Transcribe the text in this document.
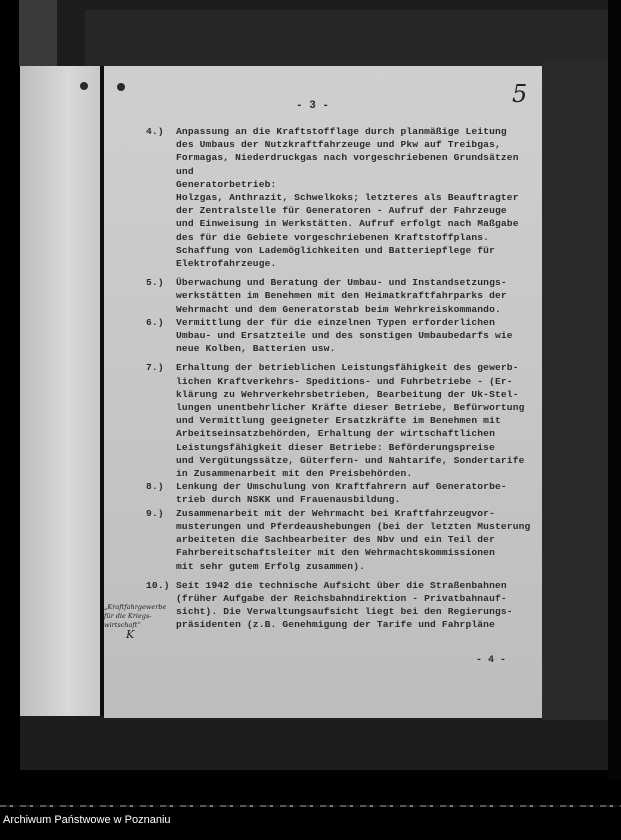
5
- 3 -
4.) Anpassung an die Kraftstofflage durch planmäßige Leitung
des Umbaus der Nutzkraftfahrzeuge und Pkw auf Treibgas,
Formagas, Niederdruckgas nach vorgeschriebenen Grundsätzen
und
Generatorbetrieb:
Holzgas, Anthrazit, Schwelkoks; letzteres als Beauftragter
der Zentralstelle für Generatoren - Aufruf der Fahrzeuge
und Einweisung in Werkstätten. Aufruf erfolgt nach Maßgabe
des für die Gebiete vorgeschriebenen Kraftstoffplans.
Schaffung von Lademöglichkeiten und Batteriepflege für
Elektrofahrzeuge.
5.) Überwachung und Beratung der Umbau- und Instandsetzungs-
werkstätten im Benehmen mit den Heimatkraftfahrparks der
Wehrmacht und dem Generatorstab beim Wehrkreiskommando.
6.) Vermittlung der für die einzelnen Typen erforderlichen
Umbau- und Ersatzteile und des sonstigen Umbaubedarfs wie
neue Kolben, Batterien usw.
7.) Erhaltung der betrieblichen Leistungsfähigkeit des gewerb-
lichen Kraftverkehrs- Speditions- und Fuhrbetriebe - (Er-
klärung zu Wehrverkehrsbetrieben, Bearbeitung der Uk-Stel-
lungen unentbehrlicher Kräfte dieser Betriebe, Befürwortung
und Vermittlung geeigneter Ersatzkräfte im Benehmen mit
Arbeitseinsatzbehörden, Erhaltung der wirtschaftlichen
Leistungsfähigkeit dieser Betriebe: Beförderungspreise
und Vergütungssätze, Güterfern- und Nahtarife, Sondertarife
in Zusammenarbeit mit den Preisbehörden.
8.) Lenkung der Umschulung von Kraftfahrern auf Generatorbe-
trieb durch NSKK und Frauenausbildung.
9.) Zusammenarbeit mit der Wehrmacht bei Kraftfahrzeugvor-
musterungen und Pferdeaushebungen (bei der letzten Musterung
arbeiteten die Sachbearbeiter des Nbv und ein Teil der
Fahrbereitschaftsleiter mit den Wehrmachtskommissionen
mit sehr gutem Erfolg zusammen).
10.) Seit 1942 die technische Aufsicht über die Straßenbahnen
(früher Aufgabe der Reichsbahndirektion - Privatbahnauf-
sicht). Die Verwaltungsaufsicht liegt bei den Regierungs-
präsidenten (z.B. Genehmigung der Tarife und Fahrpläne
- 4 -
„Kraftfahrgewerbe
für die Kriegs-
wirtschaft“
K
Archiwum Państwowe w Poznaniu
